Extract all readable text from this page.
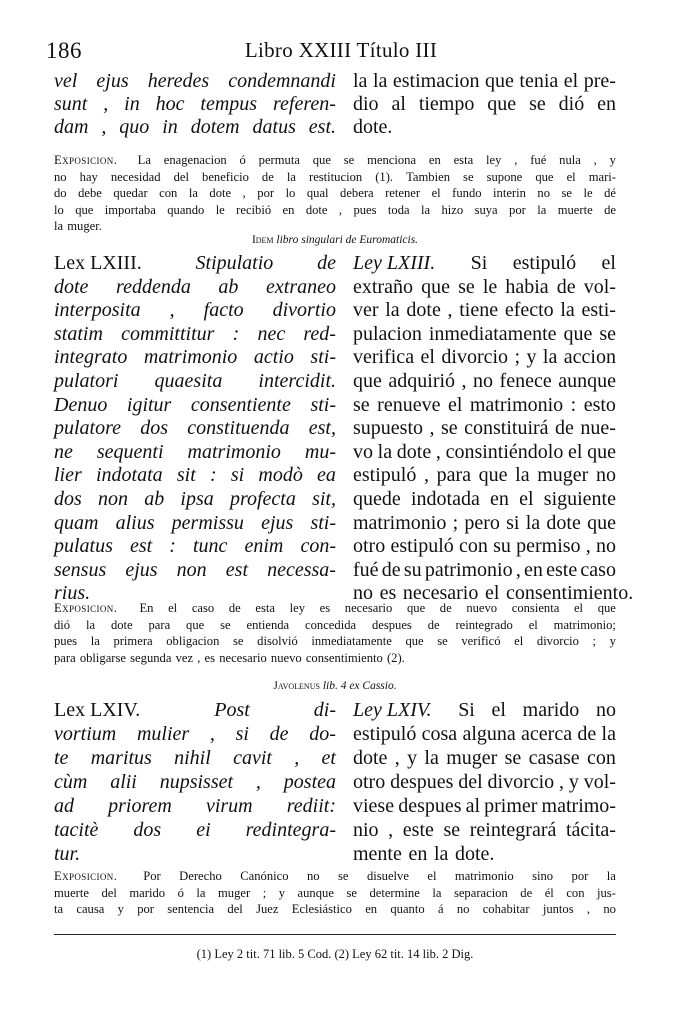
186	Libro XXIII Título III
vel ejus heredes condemnandi
sunt , in hoc tempus referen-
dam , quo in dotem datus est.
la la estimacion que tenia el pre-
dio al tiempo que se dió en
dote.
Exposicion. La enagenacion ó permuta que se menciona en esta ley , fué nula , y
no hay necesidad del beneficio de la restitucion (1). Tambien se supone que el mari-
do debe quedar con la dote , por lo qual debera retener el fundo interin no se le dé
lo que importaba quando le recibió en dote , pues toda la hizo suya por la muerte de
la muger.
Idem libro singulari de Euromaticis.
Lex LXIII.	Stipulatio de
dote reddenda ab extraneo
interposita , facto divortio
statim committitur : nec red-
integrato matrimonio actio sti-
pulatori quaesita intercidit.
Denuo igitur consentiente sti-
pulatore dos constituenda est,
ne sequenti matrimonio mu-
lier indotata sit : si modò ea
dos non ab ipsa profecta sit,
quam alius permissu ejus sti-
pulatus est : tunc enim con-
sensus ejus non est necessa-
rius.
Ley LXIII. Si estipuló el
extraño que se le habia de vol-
ver la dote , tiene efecto la esti-
pulacion inmediatamente que se
verifica el divorcio ; y la accion
que adquirió , no fenece aunque
se renueve el matrimonio : esto
supuesto , se constituirá de nue-
vo la dote , consintiéndolo el que
estipuló , para que la muger no
quede indotada en el siguiente
matrimonio ; pero si la dote que
otro estipuló con su permiso , no
fué de su patrimonio , en este caso
no es necesario el consentimiento.
Exposicion. En el caso de esta ley es necesario que de nuevo consienta el que
dió la dote para que se entienda concedida despues de reintegrado el matrimonio;
pues la primera obligacion se disolvió inmediatamente que se verificó el divorcio ; y
para obligarse segunda vez , es necesario nuevo consentimiento (2).
Javolenus lib. 4 ex Cassio.
Lex LXIV.	Post	di-
vortium mulier , si de do-
te maritus nihil cavit , et
cùm alii nupsisset , postea
ad priorem virum rediit:
tacitè dos ei redintegra-
tur.
Ley LXIV. Si el marido no
estipuló cosa alguna acerca de la
dote , y la muger se casase con
otro despues del divorcio , y vol-
viese despues al primer matrimo-
nio , este se reintegrará tácita-
mente en la dote.
Exposicion. Por Derecho Canónico no se disuelve el matrimonio sino por la
muerte del marido ó la muger ; y aunque se determine la separacion de él con jus-
ta causa y por sentencia del Juez Eclesiástico en quanto á no cohabitar juntos , no
(1) Ley 2 tit. 71 lib. 5 Cod. (2) Ley 62 tit. 14 lib. 2 Dig.
